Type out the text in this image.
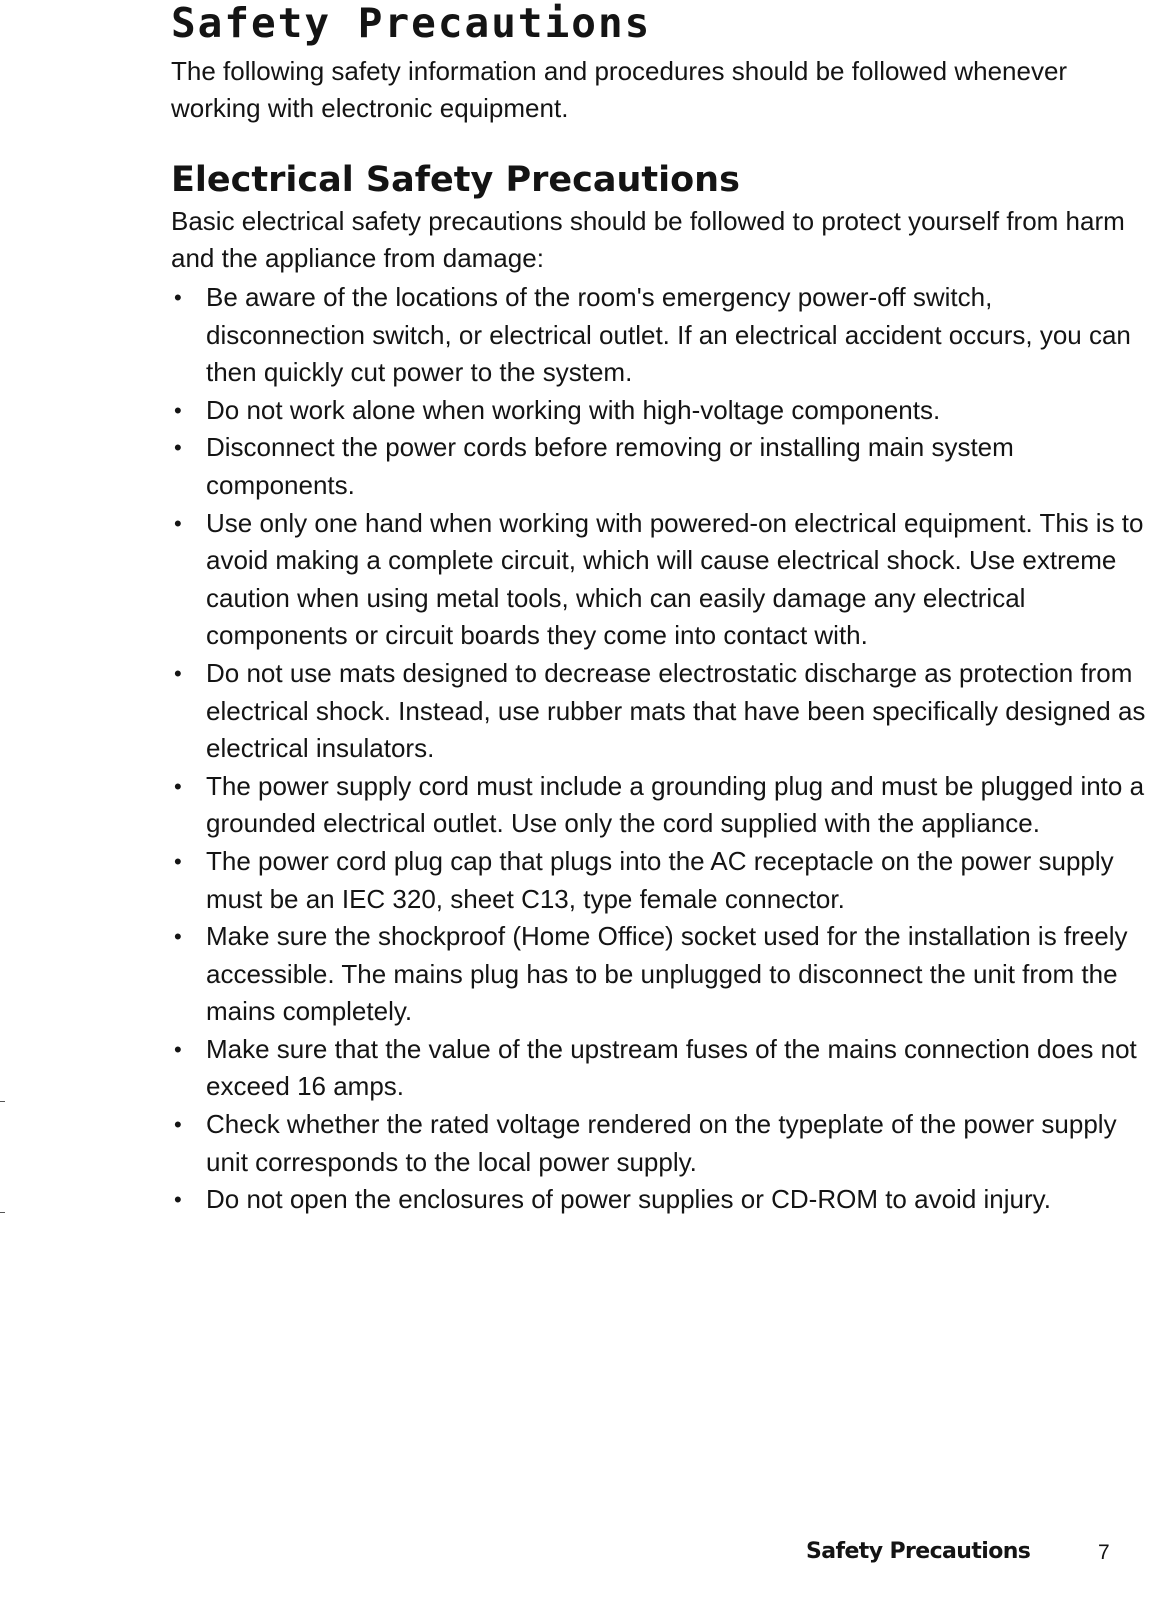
Safety Precautions

The following safety information and procedures should be followed whenever working with electronic equipment.

Electrical Safety Precautions

Basic electrical safety precautions should be followed to protect yourself from harm and the appliance from damage:

• Be aware of the locations of the room's emergency power-off switch, disconnection switch, or electrical outlet. If an electrical accident occurs, you can then quickly cut power to the system.
• Do not work alone when working with high-voltage components.
• Disconnect the power cords before removing or installing main system components.
• Use only one hand when working with powered-on electrical equipment. This is to avoid making a complete circuit, which will cause electrical shock. Use extreme caution when using metal tools, which can easily damage any electrical components or circuit boards they come into contact with.
• Do not use mats designed to decrease electrostatic discharge as protection from electrical shock. Instead, use rubber mats that have been specifically designed as electrical insulators.
• The power supply cord must include a grounding plug and must be plugged into a grounded electrical outlet. Use only the cord supplied with the appliance.
• The power cord plug cap that plugs into the AC receptacle on the power supply must be an IEC 320, sheet C13, type female connector.
• Make sure the shockproof (Home Office) socket used for the installation is freely accessible. The mains plug has to be unplugged to disconnect the unit from the mains completely.
• Make sure that the value of the upstream fuses of the mains connection does not exceed 16 amps.
• Check whether the rated voltage rendered on the typeplate of the power supply unit corresponds to the local power supply.
• Do not open the enclosures of power supplies or CD-ROM to avoid injury.
Safety Precautions	7
